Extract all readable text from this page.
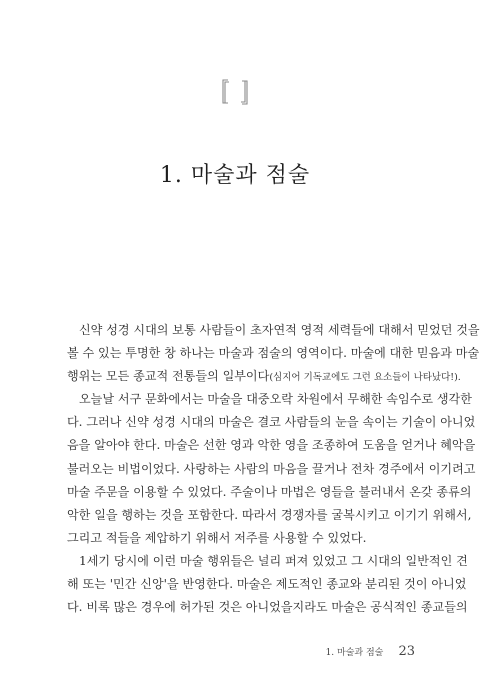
1. 마술과 점술
신약 성경 시대의 보통 사람들이 초자연적 영적 세력들에 대해서 믿었던 것을
볼 수 있는 투명한 창 하나는 마술과 점술의 영역이다. 마술에 대한 믿음과 마술
행위는 모든 종교적 전통들의 일부이다(심지어 기독교에도 그런 요소들이 나타났다!).
오늘날 서구 문화에서는 마술을 대중오락 차원에서 무해한 속임수로 생각한
다. 그러나 신약 성경 시대의 마술은 결코 사람들의 눈을 속이는 기술이 아니었
음을 알아야 한다. 마술은 선한 영과 악한 영을 조종하여 도움을 얻거나 혜악을
불러오는 비법이었다. 사랑하는 사람의 마음을 끌거나 전차 경주에서 이기려고
마술 주문을 이용할 수 있었다. 주술이나 마법은 영들을 불러내서 온갖 종류의
악한 일을 행하는 것을 포함한다. 따라서 경쟁자를 굴복시키고 이기기 위해서,
그리고 적들을 제압하기 위해서 저주를 사용할 수 있었다.
1세기 당시에 이런 마술 행위들은 널리 퍼져 있었고 그 시대의 일반적인 견
해 또는 '민간 신앙'을 반영한다. 마술은 제도적인 종교와 분리된 것이 아니었
다. 비록 많은 경우에 허가된 것은 아니었을지라도 마술은 공식적인 종교들의
1. 마술과 점술 23
